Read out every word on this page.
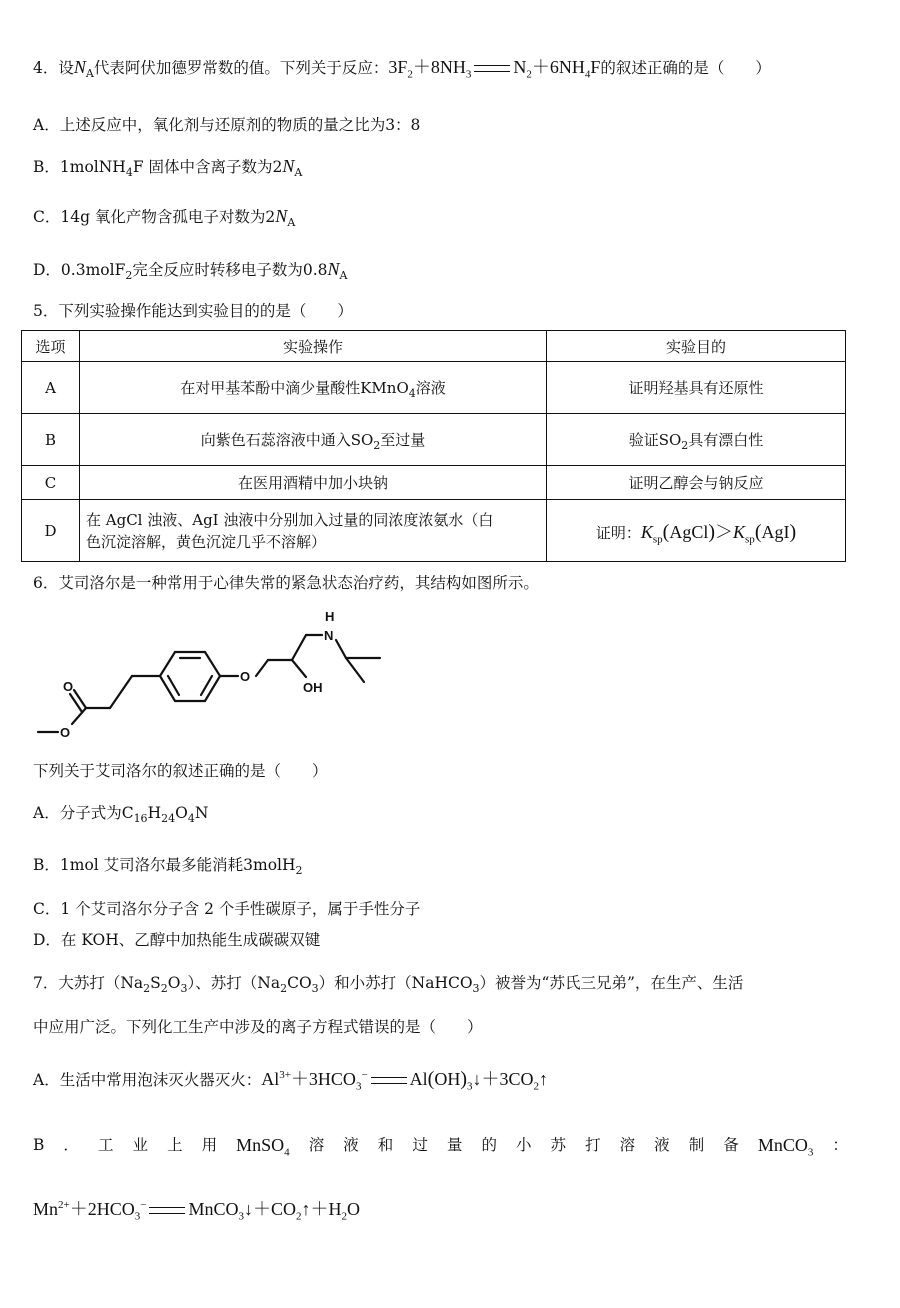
4．设$N_A$代表阿伏加德罗常数的值。下列关于反应：$3F_2+8NH_3$ $N_2+6NH_4F$的叙述正确的是（　　）
A．上述反应中，氧化剂与还原剂的物质的量之比为3：8
B．1molNH$_4$F 固体中含离子数为$2N_A$
C．14g 氧化产物含孤电子对数为$2N_A$
D．0.3molF$_2$完全反应时转移电子数为$0.8N_A$
5．下列实验操作能达到实验目的的是（　　）
选项	实验操作	实验目的
A	在对甲基苯酚中滴少量酸性KMnO$_4$溶液	证明羟基具有还原性
B	向紫色石蕊溶液中通入$SO_2$至过量	验证$SO_2$具有漂白性
C	在医用酒精中加小块钠	证明乙醇会与钠反应
D	在 AgCl 浊液、AgI 浊液中分别加入过量的同浓度浓氨水（白
色沉淀溶解，黄色沉淀几乎不溶解）	证明：$K_{sp}(AgCl)>K_{sp}(AgI)$
6．艾司洛尔是一种常用于心律失常的紧急状态治疗药，其结构如图所示。
O
O
O
OH
N
H
下列关于艾司洛尔的叙述正确的是（　　）
A．分子式为$C_{16}H_{24}O_4N$
B．1mol 艾司洛尔最多能消耗3molH$_2$
C．1 个艾司洛尔分子含 2 个手性碳原子，属于手性分子
D．在 KOH、乙醇中加热能生成碳碳双键
7．大苏打$(Na_2S_2O_3)$、苏打$(Na_2CO_3)$和小苏打（NaHCO$_3$）被誉为“苏氏三兄弟”，在生产、生活
中应用广泛。下列化工生产中涉及的离子方程式错误的是（　　）
A．生活中常用泡沫灭火器灭火：$Al^{3+}+3HCO_3^-$ $Al(OH)_3↓+3CO_2↑$
B ． 工 业 上 用 MnSO$_4$ 溶 液 和 过 量 的 小 苏 打 溶 液 制 备 MnCO$_3$ ：
$Mn^{2+}+2HCO_3^-$ $MnCO_3↓+CO_2↑+H_2O$
